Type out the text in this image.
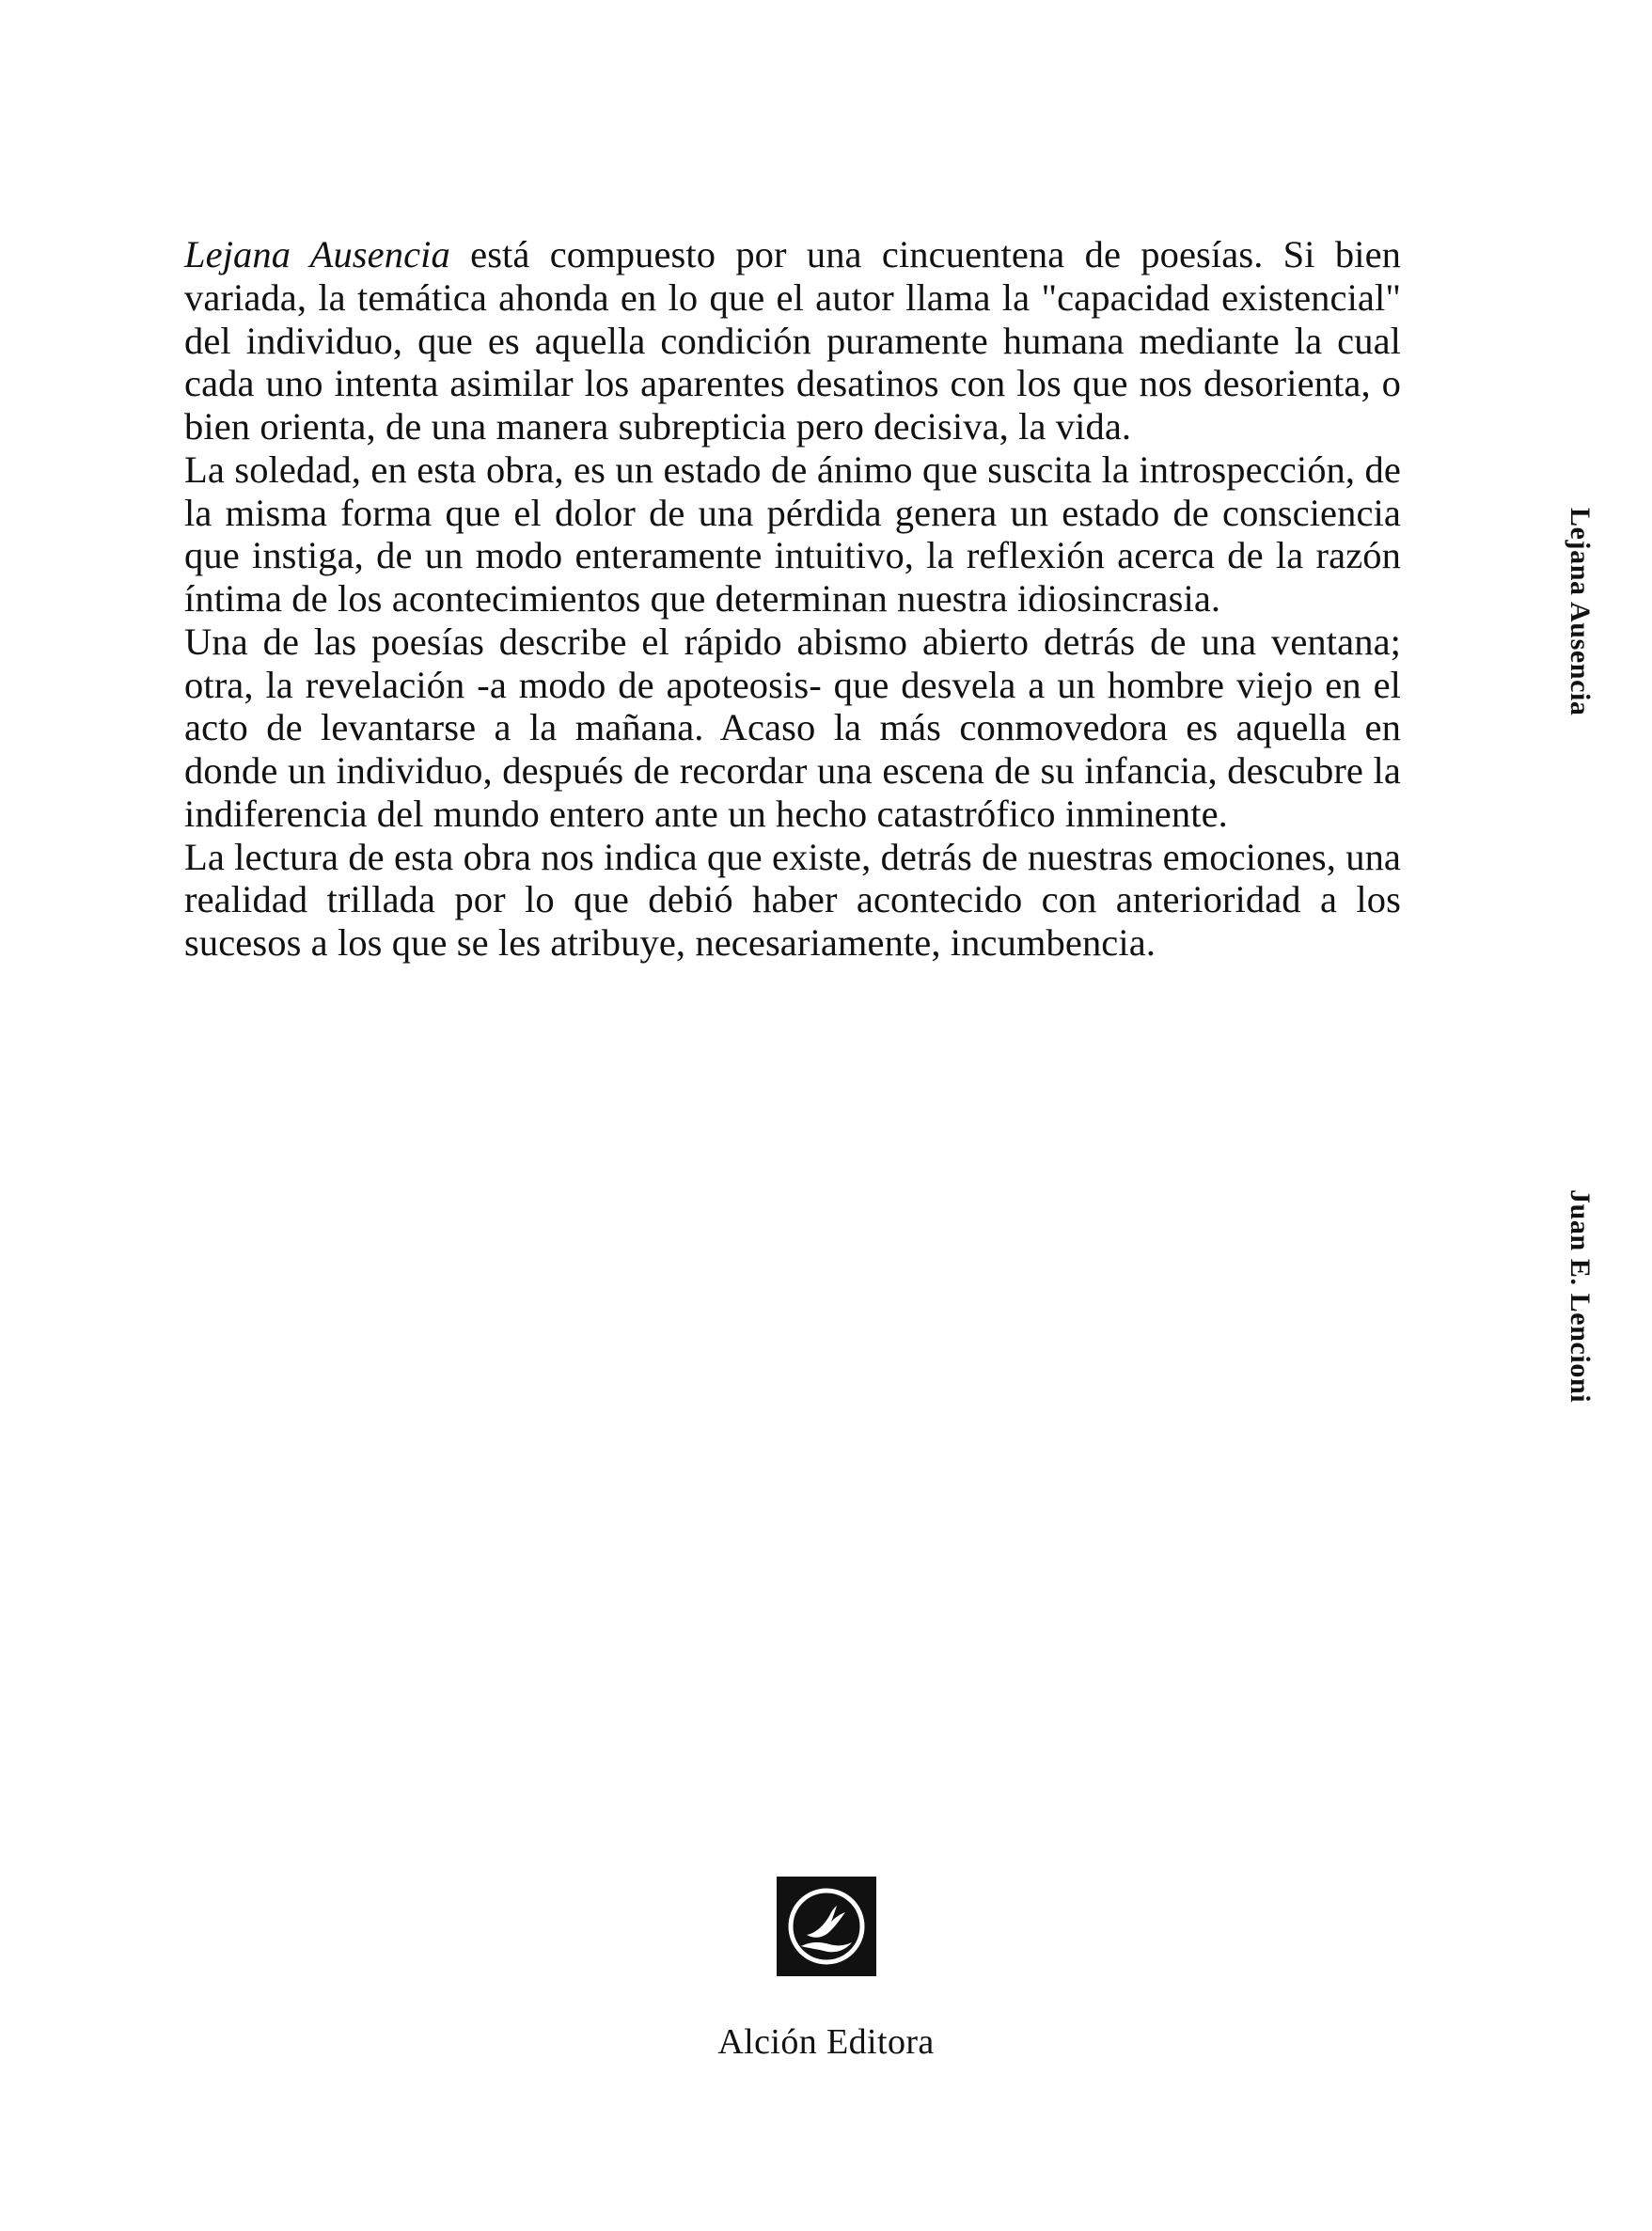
Lejana Ausencia está compuesto por una cincuentena de poesías. Si bien variada, la temática ahonda en lo que el autor llama la "capacidad existencial" del individuo, que es aquella condición puramente humana mediante la cual cada uno intenta asimilar los aparentes desatinos con los que nos desorienta, o bien orienta, de una manera subrepticia pero decisiva, la vida.

La soledad, en esta obra, es un estado de ánimo que suscita la introspección, de la misma forma que el dolor de una pérdida genera un estado de consciencia que instiga, de un modo enteramente intuitivo, la reflexión acerca de la razón íntima de los acontecimientos que determinan nuestra idiosincrasia.

Una de las poesías describe el rápido abismo abierto detrás de una ventana; otra, la revelación -a modo de apoteosis- que desvela a un hombre viejo en el acto de levantarse a la mañana. Acaso la más conmovedora es aquella en donde un individuo, después de recordar una escena de su infancia, descubre la indiferencia del mundo entero ante un hecho catastrófico inminente.

La lectura de esta obra nos indica que existe, detrás de nuestras emociones, una realidad trillada por lo que debió haber acontecido con anterioridad a los sucesos a los que se les atribuye, necesariamente, incumbencia.

Lejana Ausencia
Juan E. Lencioni
Alción Editora
